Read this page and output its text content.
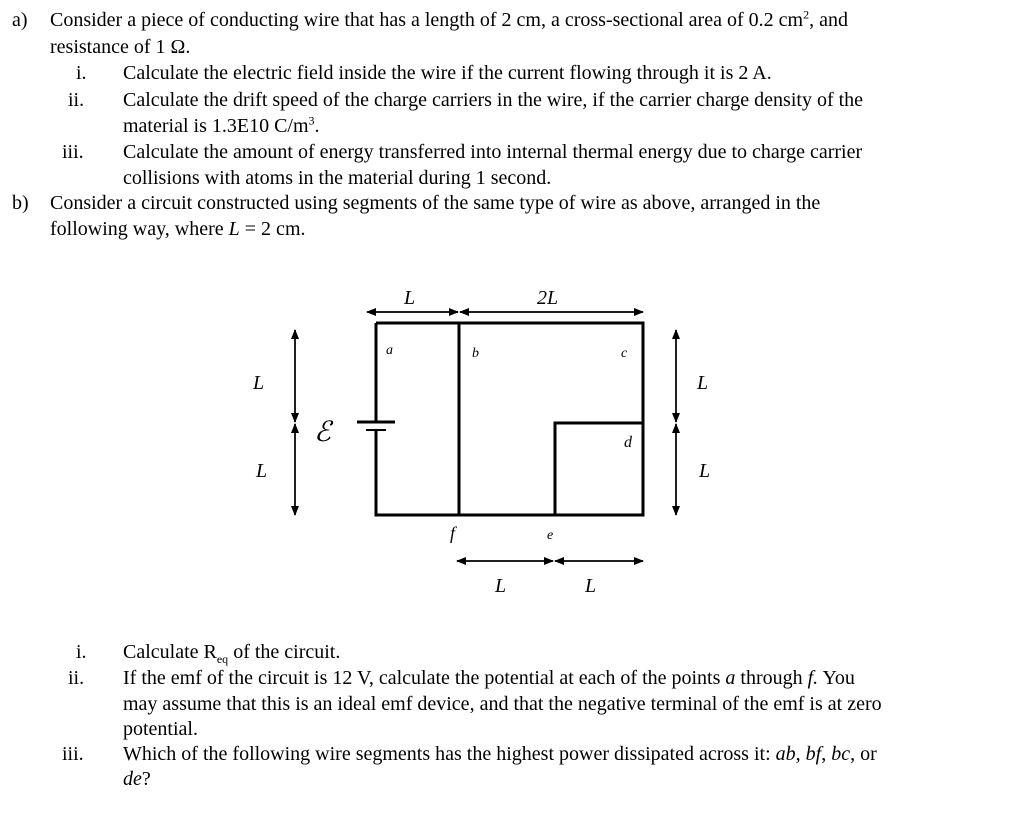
a) Consider a piece of conducting wire that has a length of 2 cm, a cross-sectional area of 0.2 $cm^2$, and
resistance of 1 Ω.
i. Calculate the electric field inside the wire if the current flowing through it is 2 A.
ii. Calculate the drift speed of the charge carriers in the wire, if the carrier charge density of the
material is 1.3E10 $C/m^3$.
iii. Calculate the amount of energy transferred into internal thermal energy due to charge carrier
collisions with atoms in the material during 1 second.
b) Consider a circuit constructed using segments of the same type of wire as above, arranged in the
following way, where L = 2 cm.
L	2L
L
L
L
L
L	L
ℰ
a	b	c
d
e
f
i. Calculate $R_{eq}$ of the circuit.
ii. If the emf of the circuit is 12 V, calculate the potential at each of the points a through f. You
may assume that this is an ideal emf device, and that the negative terminal of the emf is at zero
potential.
iii. Which of the following wire segments has the highest power dissipated across it: ab, bf, bc, or
de?
